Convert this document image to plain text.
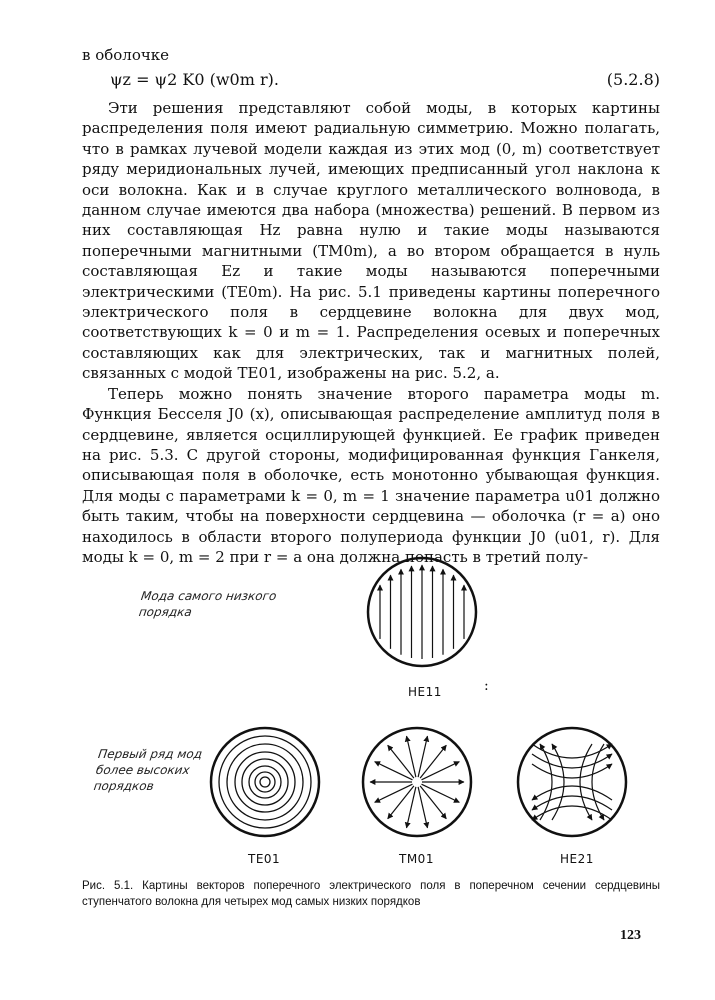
в оболочке
ψz = ψ2 K0 (w0m r).	(5.2.8)

Эти решения представляют собой моды, в которых картины распределения поля имеют радиальную симметрию. Можно полагать, что в рамках лучевой модели каждая из этих мод (0, m) соответствует ряду меридиональных лучей, имеющих предписанный угол наклона к оси волокна. Как и в случае круглого металлического волновода, в данном случае имеются два набора (множества) решений. В первом из них составляющая Hz равна нулю и такие моды называются поперечными магнитными (TM0m), а во втором обращается в нуль составляющая Ez и такие моды называются поперечными электрическими (TE0m). На рис. 5.1 приведены картины поперечного электрического поля в сердцевине волокна для двух мод, соответствующих k = 0 и m = 1. Распределения осевых и поперечных составляющих как для электрических, так и магнитных полей, связанных с модой TE01, изображены на рис. 5.2, а.

Теперь можно понять значение второго параметра моды m. Функция Бесселя J0 (x), описывающая распределение амплитуд поля в сердцевине, является осциллирующей функцией. Ее график приведен на рис. 5.3. С другой стороны, модифицированная функция Ганкеля, описывающая поля в оболочке, есть монотонно убывающая функция. Для моды с параметрами k = 0, m = 1 значение параметра u01 должно быть таким, чтобы на поверхности сердцевина — оболочка (r = a) оно находилось в области второго полупериода функции J0 (u01, r). Для моды k = 0, m = 2 при r = a она должна попасть в третий полу-

Мода самого низкого
порядка
Первый ряд мод
более высоких
порядков
HE11	:
TE01	TM01	HE21
Рис. 5.1. Картины векторов поперечного электрического поля в поперечном сечении сердцевины ступенчатого волокна для четырех мод самых низких порядков
123
